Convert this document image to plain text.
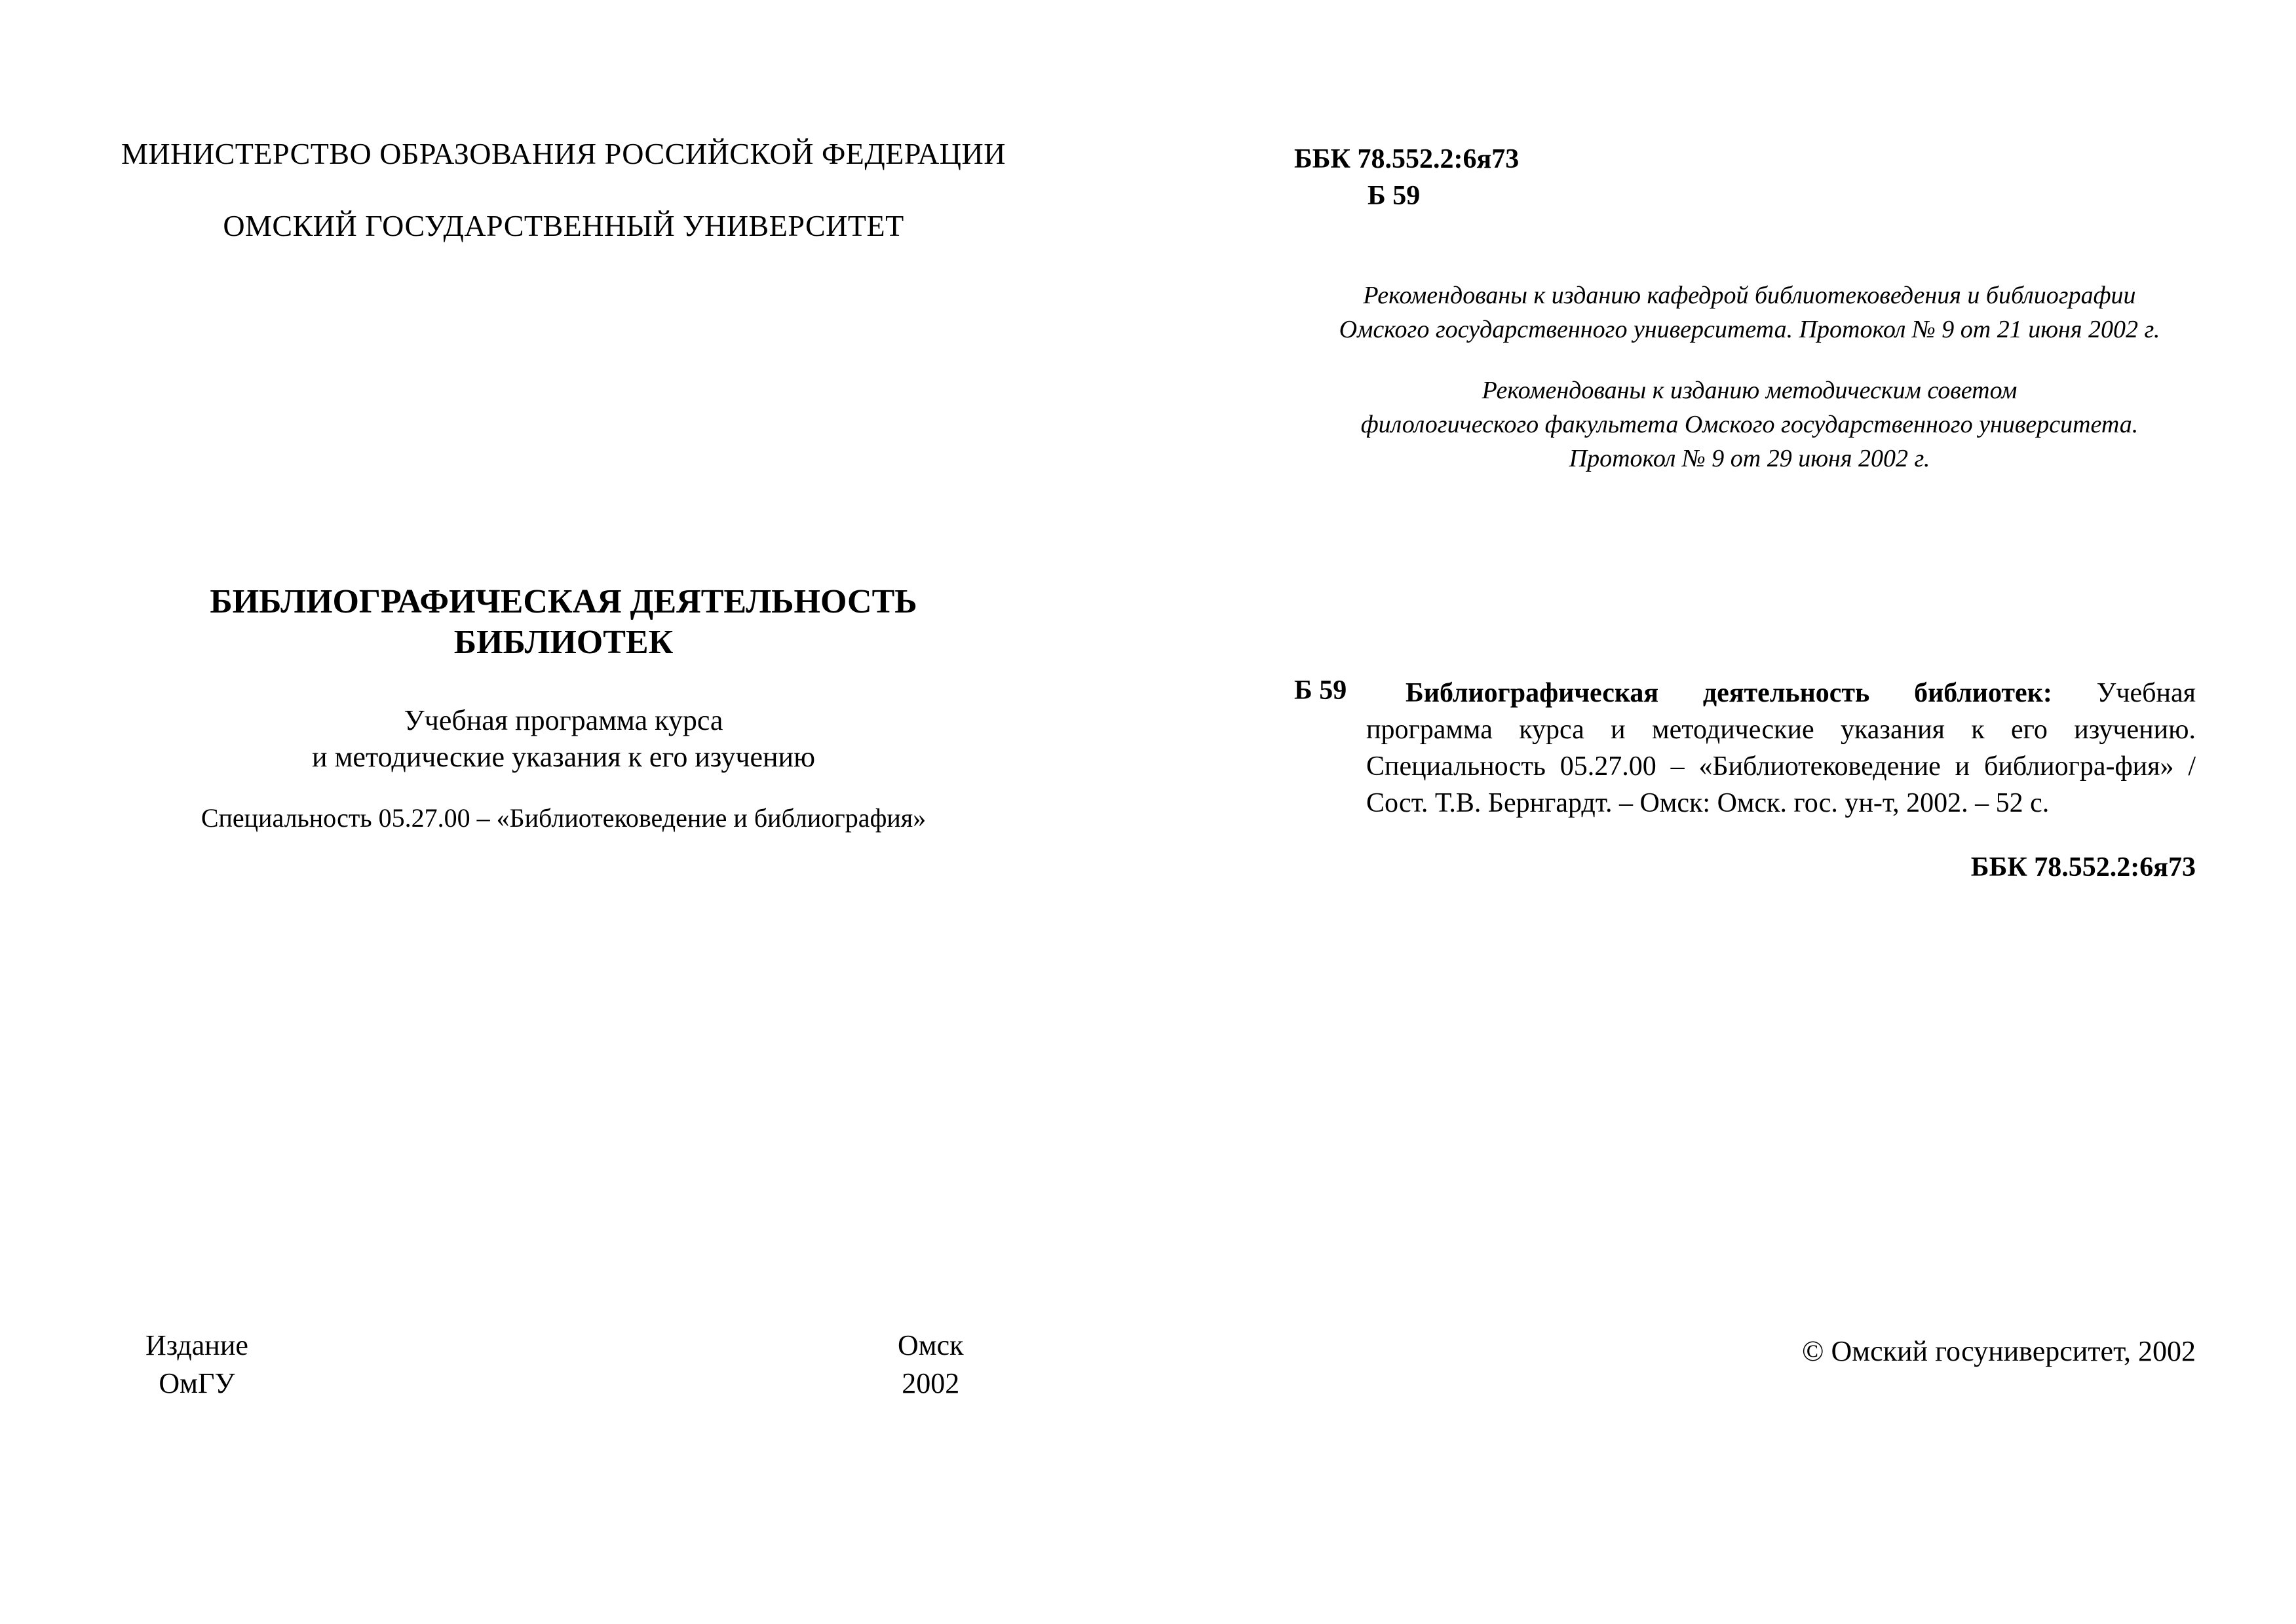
МИНИСТЕРСТВО ОБРАЗОВАНИЯ РОССИЙСКОЙ ФЕДЕРАЦИИ
ОМСКИЙ ГОСУДАРСТВЕННЫЙ УНИВЕРСИТЕТ
БИБЛИОГРАФИЧЕСКАЯ ДЕЯТЕЛЬНОСТЬ
БИБЛИОТЕК
Учебная программа курса
и методические указания к его изучению
Специальность 05.27.00 – «Библиотековедение и библиография»
Издание
ОмГУ
Омск
2002
ББК 78.552.2:6я73
Б 59
Рекомендованы к изданию кафедрой библиотековедения и библиографии
Омского государственного университета. Протокол № 9 от 21 июня 2002 г.
Рекомендованы к изданию методическим советом
филологического факультета Омского государственного университета.
Протокол № 9 от 29 июня 2002 г.
Б 59	Библиографическая деятельность библиотек: Учебная программа курса и методические указания к его изучению. Специальность 05.27.00 – «Библиотековедение и библиогра-фия» / Сост. Т.В. Бернгардт. – Омск: Омск. гос. ун-т, 2002. – 52 с.
ББК 78.552.2:6я73
© Омский госуниверситет, 2002
